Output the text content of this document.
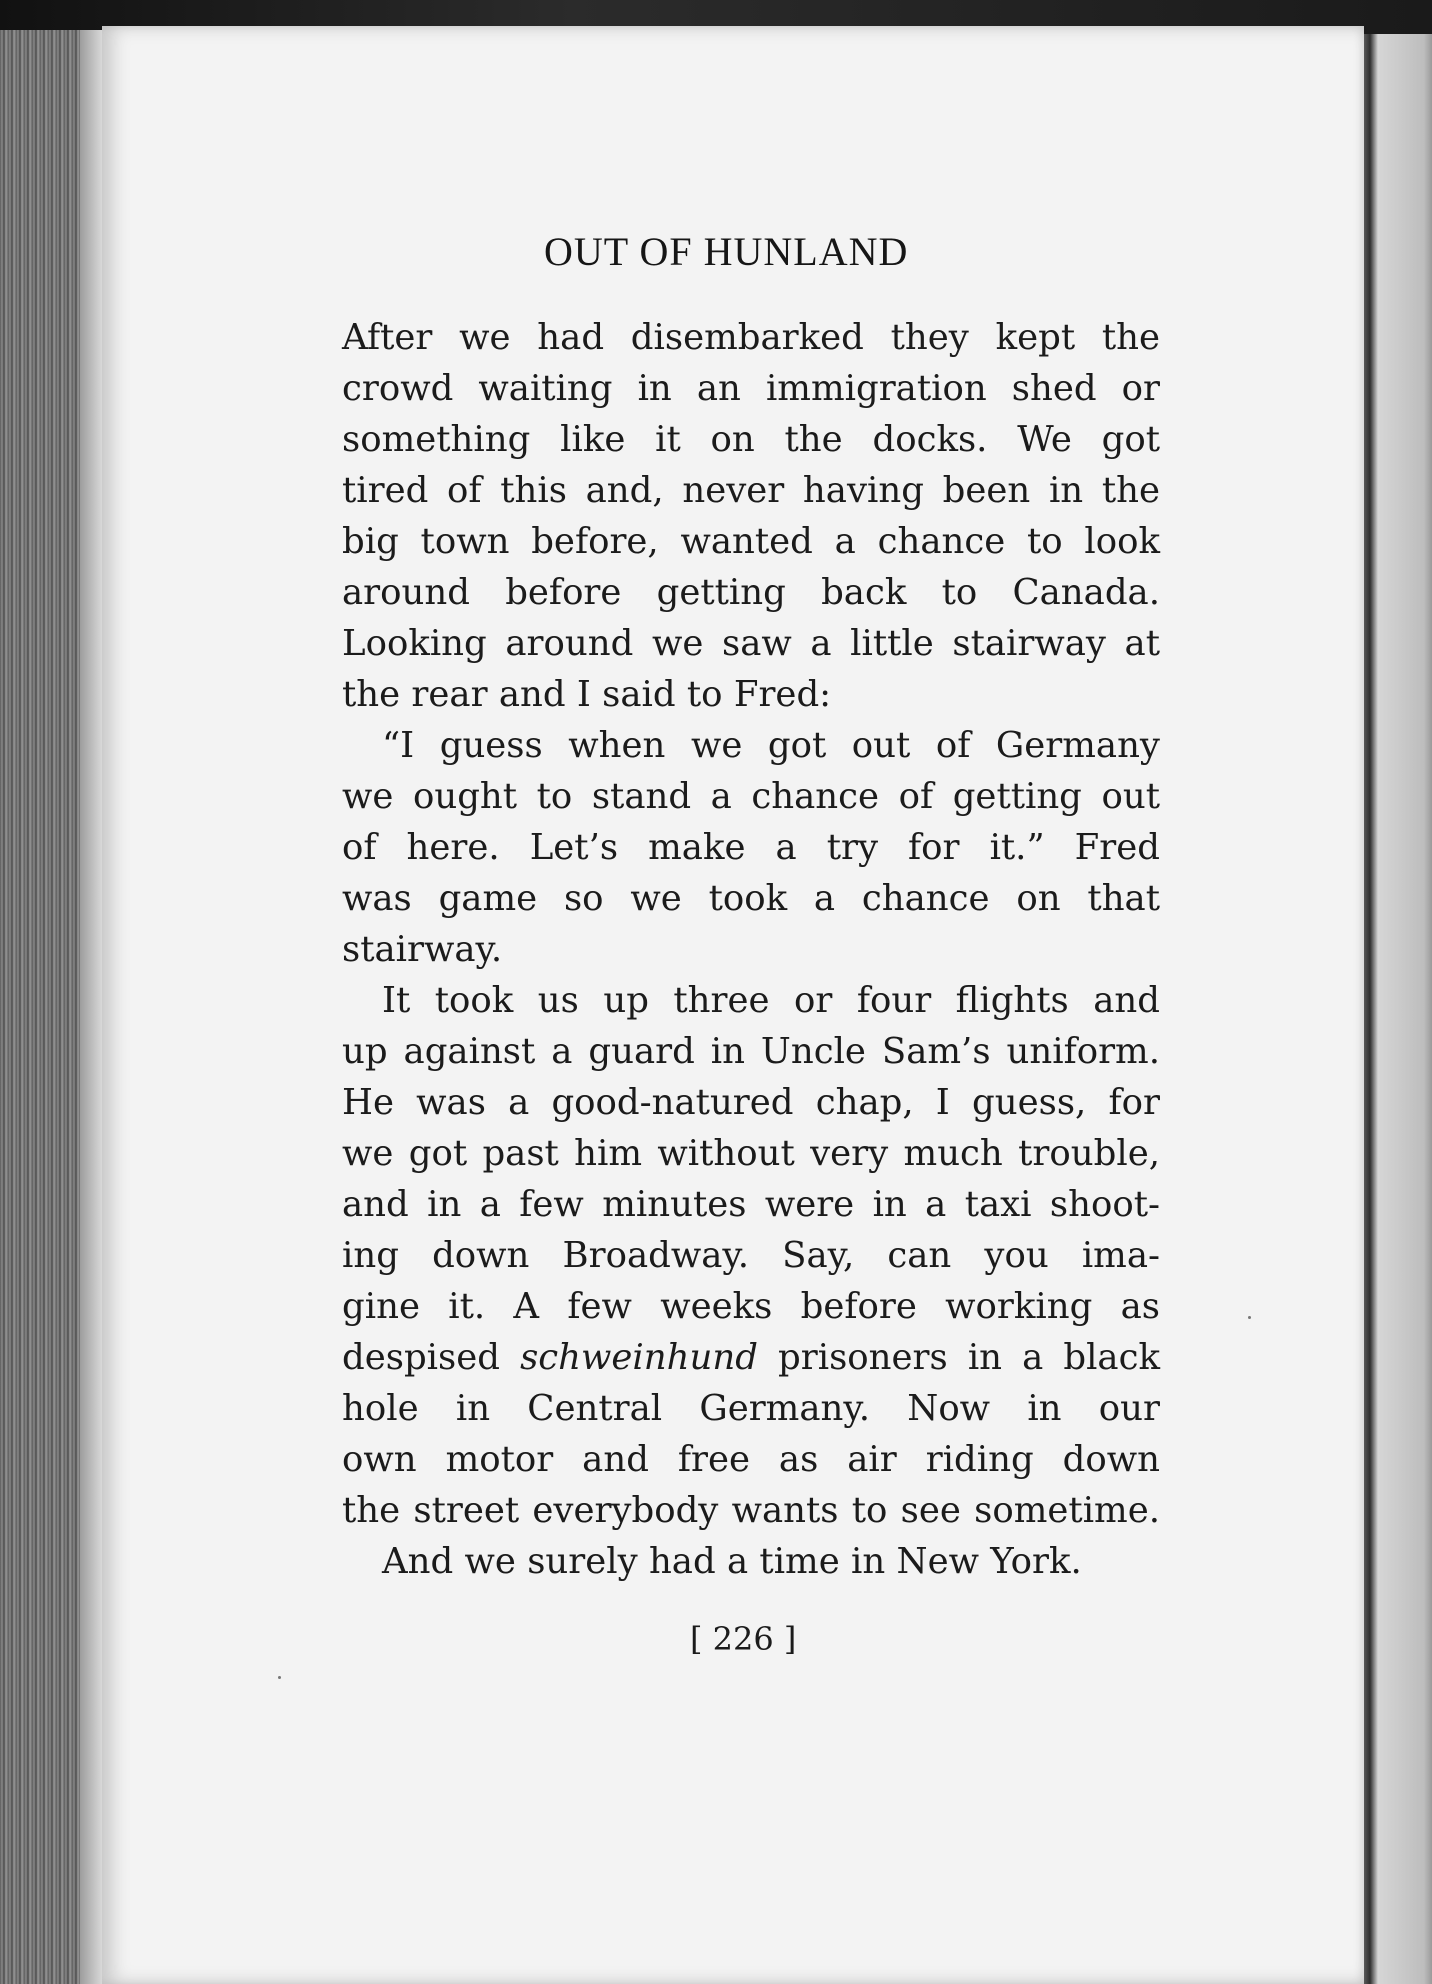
OUT OF HUNLAND
After we had disembarked they kept the
crowd waiting in an immigration shed or
something like it on the docks. We got
tired of this and, never having been in the
big town before, wanted a chance to look
around before getting back to Canada.
Looking around we saw a little stairway at
the rear and I said to Fred:
“I guess when we got out of Germany
we ought to stand a chance of getting out
of here. Let’s make a try for it.” Fred
was game so we took a chance on that
stairway.
It took us up three or four flights and
up against a guard in Uncle Sam’s uniform.
He was a good-natured chap, I guess, for
we got past him without very much trouble,
and in a few minutes were in a taxi shoot-
ing down Broadway. Say, can you ima-
gine it. A few weeks before working as
despised schweinhund prisoners in a black
hole in Central Germany. Now in our
own motor and free as air riding down
the street everybody wants to see sometime.
And we surely had a time in New York.
[ 226 ]
